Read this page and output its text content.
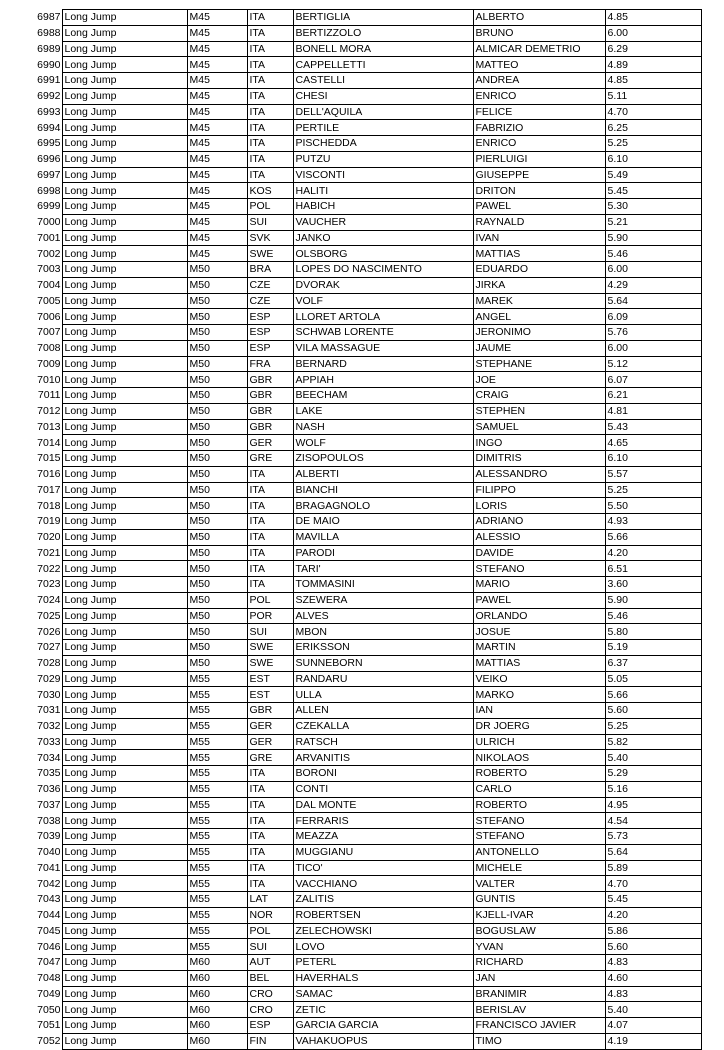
6987	Long Jump	M45	ITA	BERTIGLIA	ALBERTO	4.85
6988	Long Jump	M45	ITA	BERTIZZOLO	BRUNO	6.00
6989	Long Jump	M45	ITA	BONELL MORA	ALMICAR DEMETRIO	6.29
6990	Long Jump	M45	ITA	CAPPELLETTI	MATTEO	4.89
6991	Long Jump	M45	ITA	CASTELLI	ANDREA	4.85
6992	Long Jump	M45	ITA	CHESI	ENRICO	5.11
6993	Long Jump	M45	ITA	DELL'AQUILA	FELICE	4.70
6994	Long Jump	M45	ITA	PERTILE	FABRIZIO	6.25
6995	Long Jump	M45	ITA	PISCHEDDA	ENRICO	5.25
6996	Long Jump	M45	ITA	PUTZU	PIERLUIGI	6.10
6997	Long Jump	M45	ITA	VISCONTI	GIUSEPPE	5.49
6998	Long Jump	M45	KOS	HALITI	DRITON	5.45
6999	Long Jump	M45	POL	HABICH	PAWEL	5.30
7000	Long Jump	M45	SUI	VAUCHER	RAYNALD	5.21
7001	Long Jump	M45	SVK	JANKO	IVAN	5.90
7002	Long Jump	M45	SWE	OLSBORG	MATTIAS	5.46
7003	Long Jump	M50	BRA	LOPES DO NASCIMENTO	EDUARDO	6.00
7004	Long Jump	M50	CZE	DVORAK	JIRKA	4.29
7005	Long Jump	M50	CZE	VOLF	MAREK	5.64
7006	Long Jump	M50	ESP	LLORET ARTOLA	ANGEL	6.09
7007	Long Jump	M50	ESP	SCHWAB LORENTE	JERONIMO	5.76
7008	Long Jump	M50	ESP	VILA MASSAGUE	JAUME	6.00
7009	Long Jump	M50	FRA	BERNARD	STEPHANE	5.12
7010	Long Jump	M50	GBR	APPIAH	JOE	6.07
7011	Long Jump	M50	GBR	BEECHAM	CRAIG	6.21
7012	Long Jump	M50	GBR	LAKE	STEPHEN	4.81
7013	Long Jump	M50	GBR	NASH	SAMUEL	5.43
7014	Long Jump	M50	GER	WOLF	INGO	4.65
7015	Long Jump	M50	GRE	ZISOPOULOS	DIMITRIS	6.10
7016	Long Jump	M50	ITA	ALBERTI	ALESSANDRO	5.57
7017	Long Jump	M50	ITA	BIANCHI	FILIPPO	5.25
7018	Long Jump	M50	ITA	BRAGAGNOLO	LORIS	5.50
7019	Long Jump	M50	ITA	DE MAIO	ADRIANO	4.93
7020	Long Jump	M50	ITA	MAVILLA	ALESSIO	5.66
7021	Long Jump	M50	ITA	PARODI	DAVIDE	4.20
7022	Long Jump	M50	ITA	TARI'	STEFANO	6.51
7023	Long Jump	M50	ITA	TOMMASINI	MARIO	3.60
7024	Long Jump	M50	POL	SZEWERA	PAWEL	5.90
7025	Long Jump	M50	POR	ALVES	ORLANDO	5.46
7026	Long Jump	M50	SUI	MBON	JOSUE	5.80
7027	Long Jump	M50	SWE	ERIKSSON	MARTIN	5.19
7028	Long Jump	M50	SWE	SUNNEBORN	MATTIAS	6.37
7029	Long Jump	M55	EST	RANDARU	VEIKO	5.05
7030	Long Jump	M55	EST	ULLA	MARKO	5.66
7031	Long Jump	M55	GBR	ALLEN	IAN	5.60
7032	Long Jump	M55	GER	CZEKALLA	DR JOERG	5.25
7033	Long Jump	M55	GER	RATSCH	ULRICH	5.82
7034	Long Jump	M55	GRE	ARVANITIS	NIKOLAOS	5.40
7035	Long Jump	M55	ITA	BORONI	ROBERTO	5.29
7036	Long Jump	M55	ITA	CONTI	CARLO	5.16
7037	Long Jump	M55	ITA	DAL MONTE	ROBERTO	4.95
7038	Long Jump	M55	ITA	FERRARIS	STEFANO	4.54
7039	Long Jump	M55	ITA	MEAZZA	STEFANO	5.73
7040	Long Jump	M55	ITA	MUGGIANU	ANTONELLO	5.64
7041	Long Jump	M55	ITA	TICO'	MICHELE	5.89
7042	Long Jump	M55	ITA	VACCHIANO	VALTER	4.70
7043	Long Jump	M55	LAT	ZALITIS	GUNTIS	5.45
7044	Long Jump	M55	NOR	ROBERTSEN	KJELL-IVAR	4.20
7045	Long Jump	M55	POL	ZELECHOWSKI	BOGUSLAW	5.86
7046	Long Jump	M55	SUI	LOVO	YVAN	5.60
7047	Long Jump	M60	AUT	PETERL	RICHARD	4.83
7048	Long Jump	M60	BEL	HAVERHALS	JAN	4.60
7049	Long Jump	M60	CRO	SAMAC	BRANIMIR	4.83
7050	Long Jump	M60	CRO	ZETIC	BERISLAV	5.40
7051	Long Jump	M60	ESP	GARCIA GARCIA	FRANCISCO JAVIER	4.07
7052	Long Jump	M60	FIN	VAHAKUOPUS	TIMO	4.19
